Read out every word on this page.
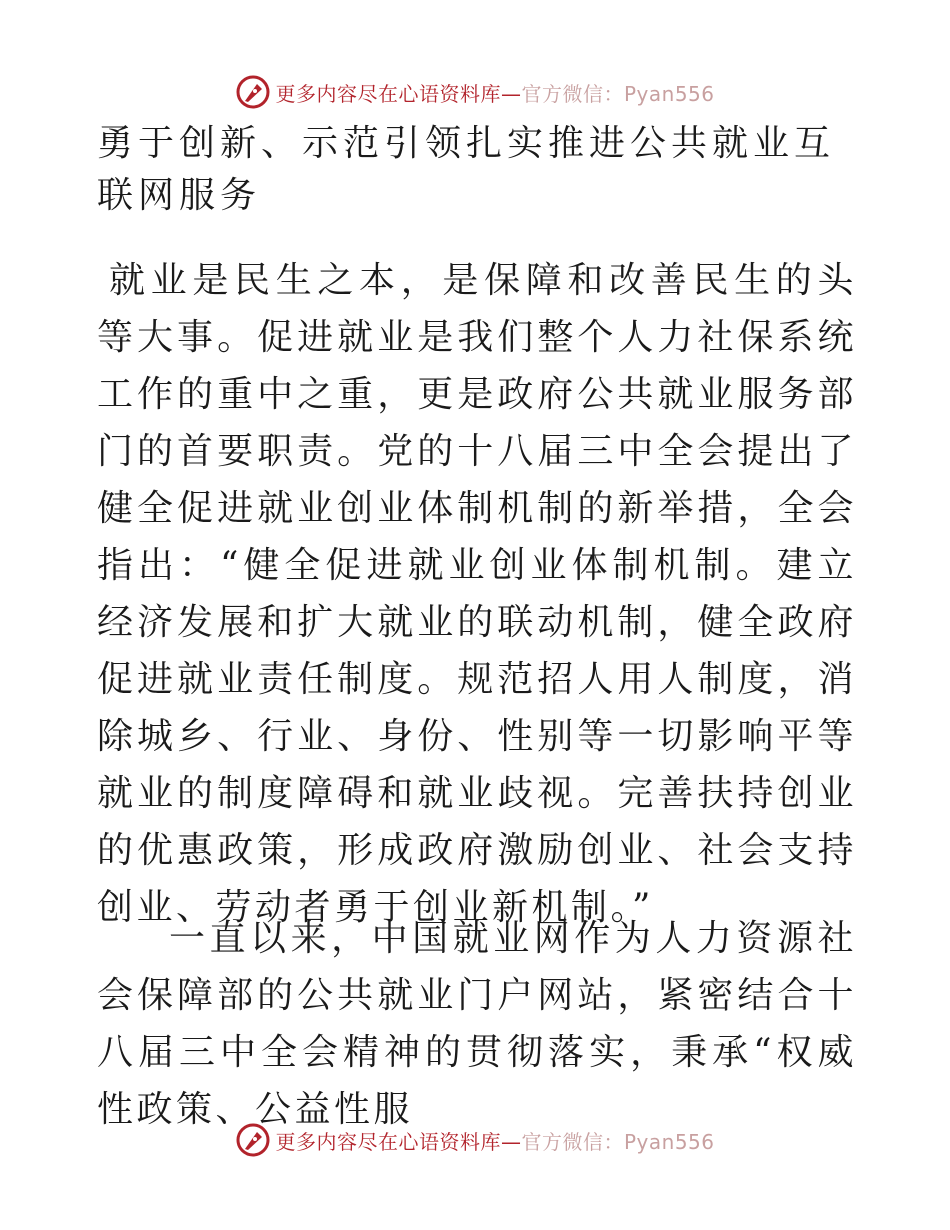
更多内容尽在心语资料库—官方微信：Pyan556
勇于创新、示范引领扎实推进公共就业互联网服务

就业是民生之本，是保障和改善民生的头等大事。促进就业是我们整个人力社保系统工作的重中之重，更是政府公共就业服务部门的首要职责。党的十八届三中全会提出了健全促进就业创业体制机制的新举措，全会指出：“健全促进就业创业体制机制。建立经济发展和扩大就业的联动机制，健全政府促进就业责任制度。规范招人用人制度，消除城乡、行业、身份、性别等一切影响平等就业的制度障碍和就业歧视。完善扶持创业的优惠政策，形成政府激励创业、社会支持创业、劳动者勇于创业新机制。”

一直以来，中国就业网作为人力资源社会保障部的公共就业门户网站，紧密结合十八届三中全会精神的贯彻落实，秉承“权威性政策、公益性服

更多内容尽在心语资料库—官方微信：Pyan556
